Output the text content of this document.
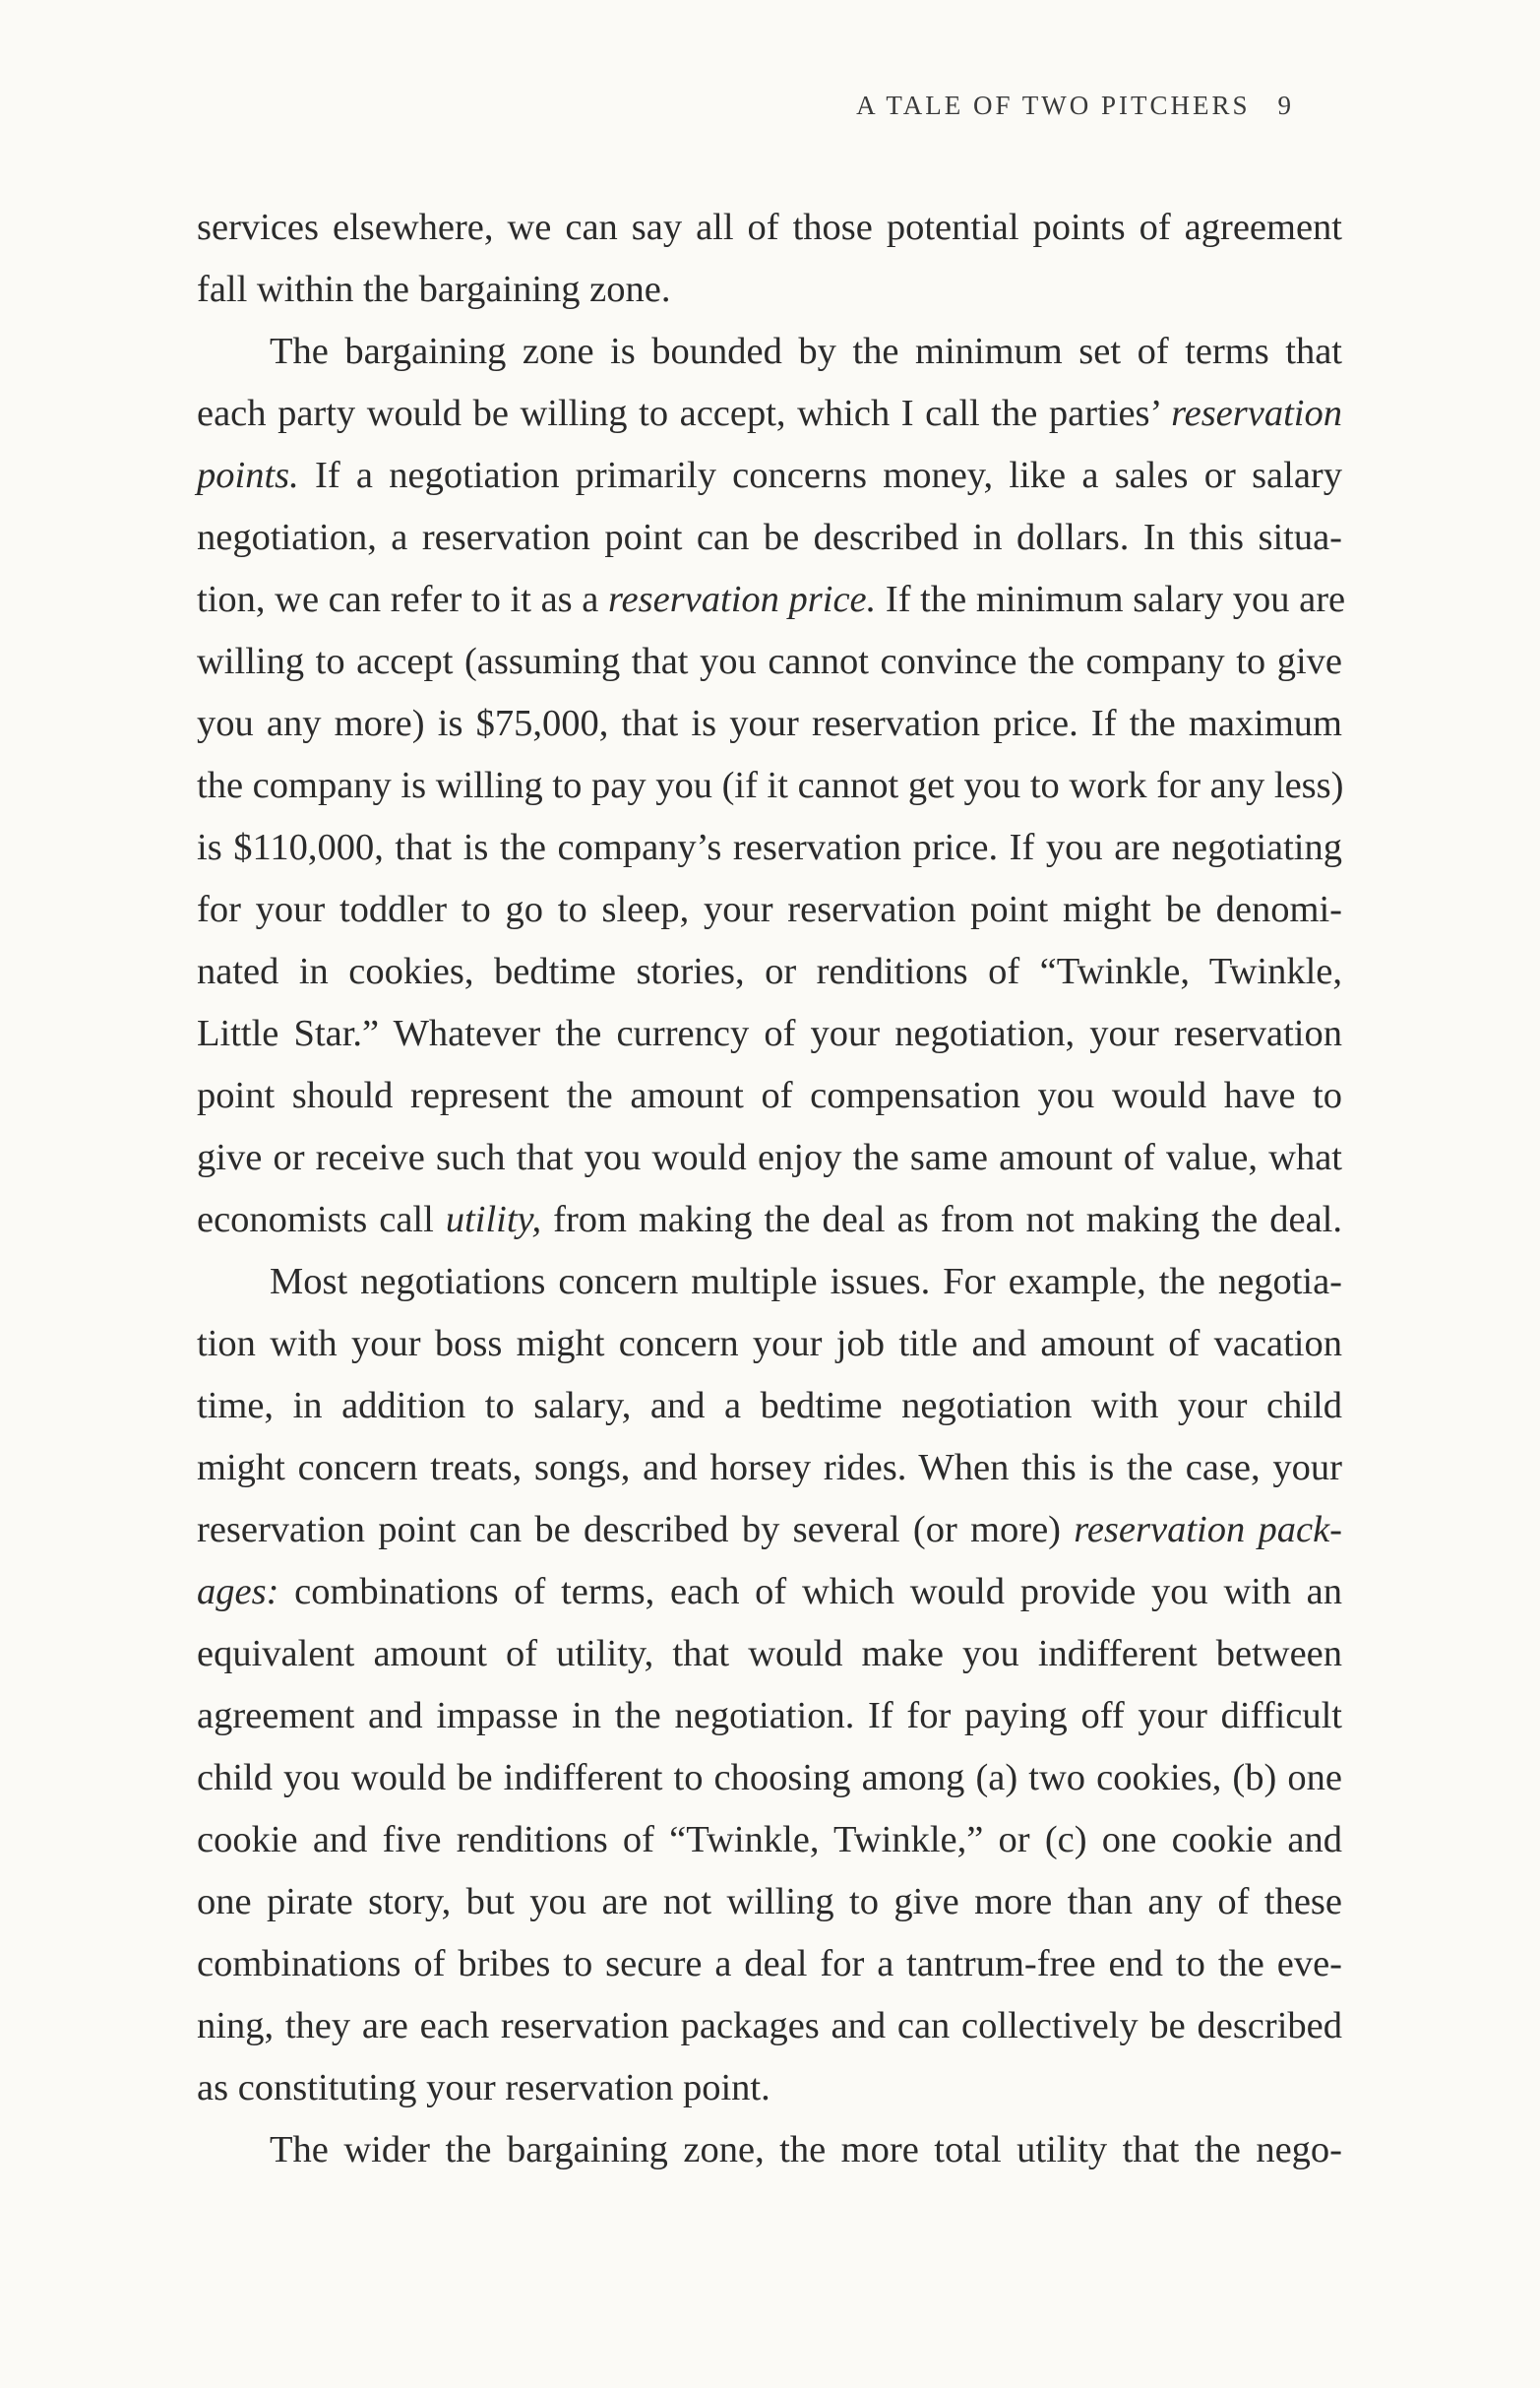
A TALE OF TWO PITCHERS 9
services elsewhere, we can say all of those potential points of agreement
fall within the bargaining zone.
The bargaining zone is bounded by the minimum set of terms that
each party would be willing to accept, which I call the parties’ reservation
points. If a negotiation primarily concerns money, like a sales or salary
negotiation, a reservation point can be described in dollars. In this situa-
tion, we can refer to it as a reservation price. If the minimum salary you are
willing to accept (assuming that you cannot convince the company to give
you any more) is $75,000, that is your reservation price. If the maximum
the company is willing to pay you (if it cannot get you to work for any less)
is $110,000, that is the company’s reservation price. If you are negotiating
for your toddler to go to sleep, your reservation point might be denomi-
nated in cookies, bedtime stories, or renditions of “Twinkle, Twinkle,
Little Star.” Whatever the currency of your negotiation, your reservation
point should represent the amount of compensation you would have to
give or receive such that you would enjoy the same amount of value, what
economists call utility, from making the deal as from not making the deal.
Most negotiations concern multiple issues. For example, the negotia-
tion with your boss might concern your job title and amount of vacation
time, in addition to salary, and a bedtime negotiation with your child
might concern treats, songs, and horsey rides. When this is the case, your
reservation point can be described by several (or more) reservation pack-
ages: combinations of terms, each of which would provide you with an
equivalent amount of utility, that would make you indifferent between
agreement and impasse in the negotiation. If for paying off your difficult
child you would be indifferent to choosing among (a) two cookies, (b) one
cookie and five renditions of “Twinkle, Twinkle,” or (c) one cookie and
one pirate story, but you are not willing to give more than any of these
combinations of bribes to secure a deal for a tantrum-free end to the eve-
ning, they are each reservation packages and can collectively be described
as constituting your reservation point.
The wider the bargaining zone, the more total utility that the nego-
